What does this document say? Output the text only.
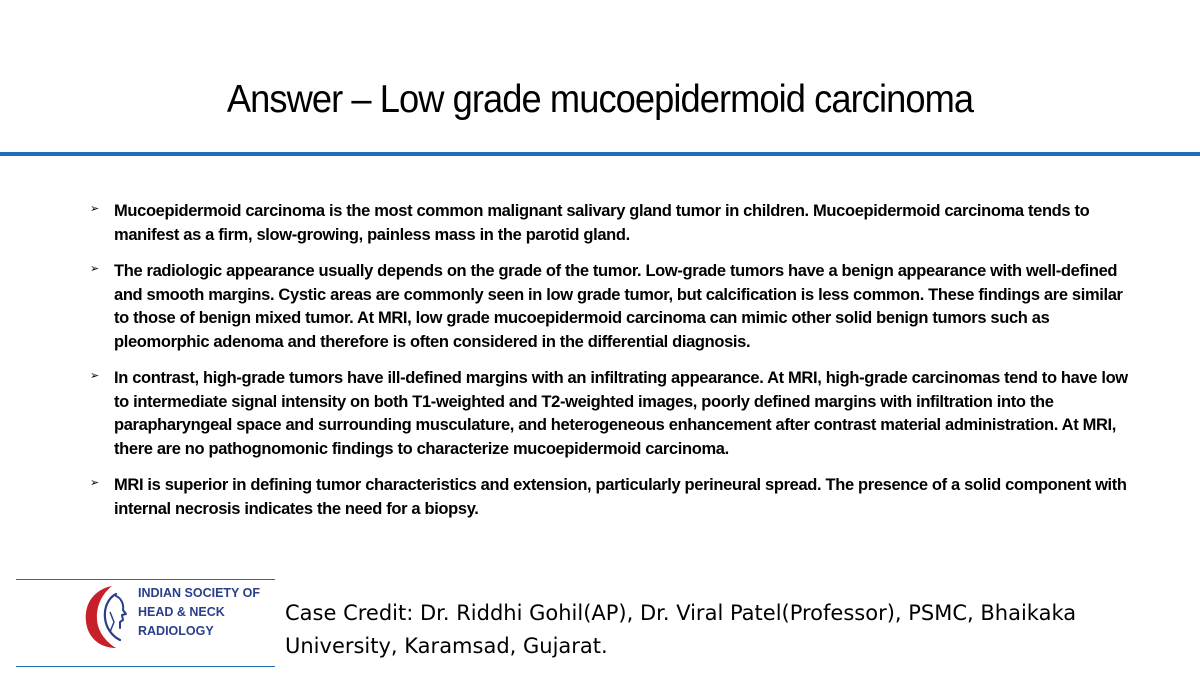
Answer – Low grade mucoepidermoid carcinoma
➢ Mucoepidermoid carcinoma is the most common malignant salivary gland tumor in children. Mucoepidermoid carcinoma tends to manifest as a firm, slow-growing, painless mass in the parotid gland.
➢ The radiologic appearance usually depends on the grade of the tumor. Low-grade tumors have a benign appearance with well-defined and smooth margins. Cystic areas are commonly seen in low grade tumor, but calcification is less common. These findings are similar to those of benign mixed tumor. At MRI, low grade mucoepidermoid carcinoma can mimic other solid benign tumors such as pleomorphic adenoma and therefore is often considered in the differential diagnosis.
➢ In contrast, high-grade tumors have ill-defined margins with an infiltrating appearance. At MRI, high-grade carcinomas tend to have low to intermediate signal intensity on both T1-weighted and T2-weighted images, poorly defined margins with infiltration into the parapharyngeal space and surrounding musculature, and heterogeneous enhancement after contrast material administration. At MRI, there are no pathognomonic findings to characterize mucoepidermoid carcinoma.
➢ MRI is superior in defining tumor characteristics and extension, particularly perineural spread. The presence of a solid component with internal necrosis indicates the need for a biopsy.
INDIAN SOCIETY OF
HEAD & NECK
RADIOLOGY
Case Credit: Dr. Riddhi Gohil(AP), Dr. Viral Patel(Professor), PSMC, Bhaikaka University, Karamsad, Gujarat.
